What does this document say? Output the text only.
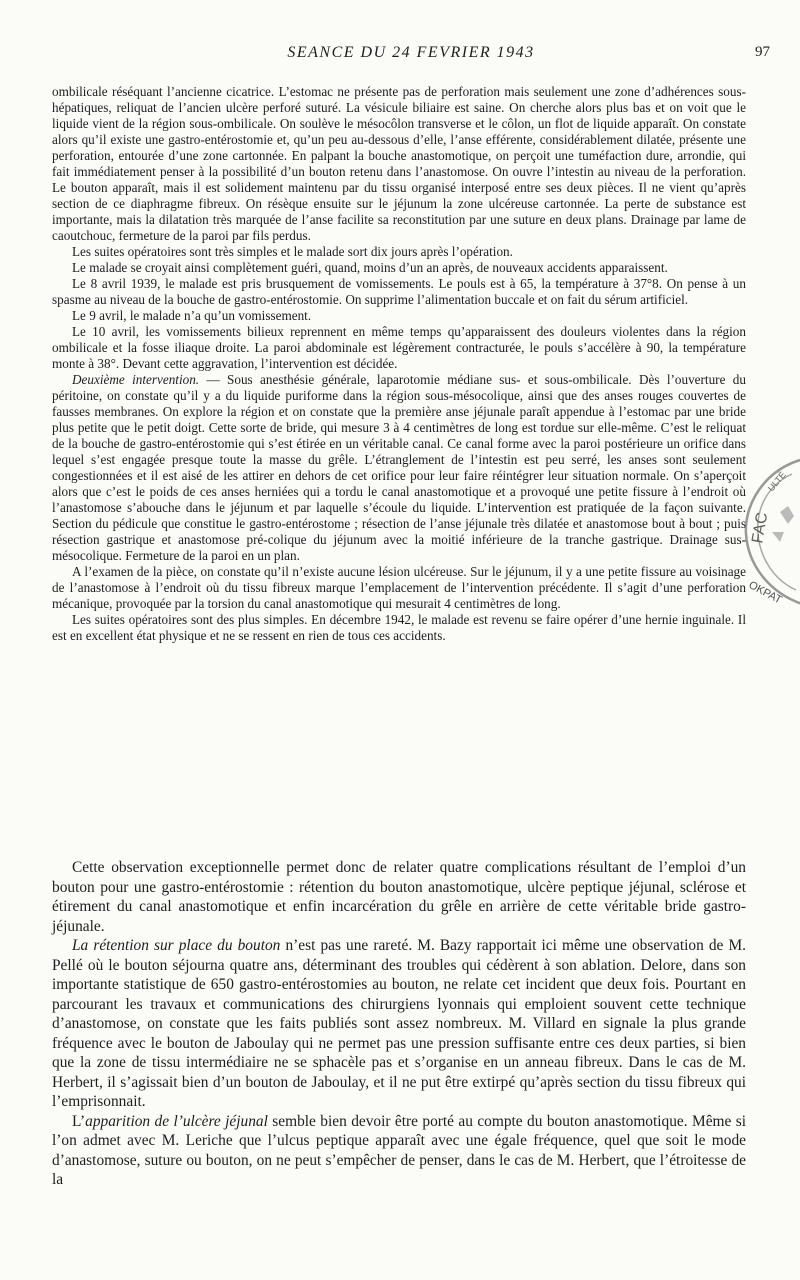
SEANCE DU 24 FEVRIER 1943	97

ombilicale réséquant l’ancienne cicatrice. L’estomac ne présente pas de perforation mais seulement une zone d’adhérences sous-hépatiques, reliquat de l’ancien ulcère perforé suturé. La vésicule biliaire est saine. On cherche alors plus bas et on voit que le liquide vient de la région sous-ombilicale. On soulève le mésocôlon transverse et le côlon, un flot de liquide apparaît. On constate alors qu’il existe une gastro-entérostomie et, qu’un peu au-dessous d’elle, l’anse efférente, considérablement dilatée, présente une perforation, entourée d’une zone cartonnée. En palpant la bouche anastomotique, on perçoit une tuméfaction dure, arrondie, qui fait immédiatement penser à la possibilité d’un bouton retenu dans l’anastomose. On ouvre l’intestin au niveau de la perforation. Le bouton apparaît, mais il est solidement maintenu par du tissu organisé interposé entre ses deux pièces. Il ne vient qu’après section de ce diaphragme fibreux. On résèque ensuite sur le jéjunum la zone ulcéreuse cartonnée. La perte de substance est importante, mais la dilatation très marquée de l’anse facilite sa reconstitution par une suture en deux plans. Drainage par lame de caoutchouc, fermeture de la paroi par fils perdus.

Les suites opératoires sont très simples et le malade sort dix jours après l’opération.

Le malade se croyait ainsi complètement guéri, quand, moins d’un an après, de nouveaux accidents apparaissent.

Le 8 avril 1939, le malade est pris brusquement de vomissements. Le pouls est à 65, la température à 37°8. On pense à un spasme au niveau de la bouche de gastro-entérostomie. On supprime l’alimentation buccale et on fait du sérum artificiel.

Le 9 avril, le malade n’a qu’un vomissement.

Le 10 avril, les vomissements bilieux reprennent en même temps qu’apparaissent des douleurs violentes dans la région ombilicale et la fosse iliaque droite. La paroi abdominale est légèrement contracturée, le pouls s’accélère à 90, la température monte à 38°. Devant cette aggravation, l’intervention est décidée.

Deuxième intervention. — Sous anesthésie générale, laparotomie médiane sus- et sous-ombilicale. Dès l’ouverture du péritoine, on constate qu’il y a du liquide puriforme dans la région sous-mésocolique, ainsi que des anses rouges couvertes de fausses membranes. On explore la région et on constate que la première anse jéjunale paraît appendue à l’estomac par une bride plus petite que le petit doigt. Cette sorte de bride, qui mesure 3 à 4 centimètres de long est tordue sur elle-même. C’est le reliquat de la bouche de gastro-entérostomie qui s’est étirée en un véritable canal. Ce canal forme avec la paroi postérieure un orifice dans lequel s’est engagée presque toute la masse du grêle. L’étranglement de l’intestin est peu serré, les anses sont seulement congestionnées et il est aisé de les attirer en dehors de cet orifice pour leur faire réintégrer leur situation normale. On s’aperçoit alors que c’est le poids de ces anses herniées qui a tordu le canal anastomotique et a provoqué une petite fissure à l’endroit où l’anastomose s’abouche dans le jéjunum et par laquelle s’écoule du liquide. L’intervention est pratiquée de la façon suivante. Section du pédicule que constitue le gastro-entérostome ; résection de l’anse jéjunale très dilatée et anastomose bout à bout ; puis résection gastrique et anastomose pré-colique du jéjunum avec la moitié inférieure de la tranche gastrique. Drainage sus-mésocolique. Fermeture de la paroi en un plan.

A l’examen de la pièce, on constate qu’il n’existe aucune lésion ulcéreuse. Sur le jéjunum, il y a une petite fissure au voisinage de l’anastomose à l’endroit où du tissu fibreux marque l’emplacement de l’intervention précédente. Il s’agit d’une perforation mécanique, provoquée par la torsion du canal anastomotique qui mesurait 4 centimètres de long.

Les suites opératoires sont des plus simples. En décembre 1942, le malade est revenu se faire opérer d’une hernie inguinale. Il est en excellent état physique et ne se ressent en rien de tous ces accidents.

Cette observation exceptionnelle permet donc de relater quatre complications résultant de l’emploi d’un bouton pour une gastro-entérostomie : rétention du bouton anastomotique, ulcère peptique jéjunal, sclérose et étirement du canal anastomotique et enfin incarcération du grêle en arrière de cette véritable bride gastro-jéjunale.

La rétention sur place du bouton n’est pas une rareté. M. Bazy rapportait ici même une observation de M. Pellé où le bouton séjourna quatre ans, déterminant des troubles qui cédèrent à son ablation. Delore, dans son importante statistique de 650 gastro-entérostomies au bouton, ne relate cet incident que deux fois. Pourtant en parcourant les travaux et communications des chirurgiens lyonnais qui emploient souvent cette technique d’anastomose, on constate que les faits publiés sont assez nombreux. M. Villard en signale la plus grande fréquence avec le bouton de Jaboulay qui ne permet pas une pression suffisante entre ces deux parties, si bien que la zone de tissu intermédiaire ne se sphacèle pas et s’organise en un anneau fibreux. Dans le cas de M. Herbert, il s’agissait bien d’un bouton de Jaboulay, et il ne put être extirpé qu’après section du tissu fibreux qui l’emprisonnait.

L’apparition de l’ulcère jéjunal semble bien devoir être porté au compte du bouton anastomotique. Même si l’on admet avec M. Leriche que l’ulcus peptique apparaît avec une égale fréquence, quel que soit le mode d’anastomose, suture ou bouton, on ne peut s’empêcher de penser, dans le cas de M. Herbert, que l’étroitesse de la

FAC
ULTÉ
ΟΚΡΑΤ
